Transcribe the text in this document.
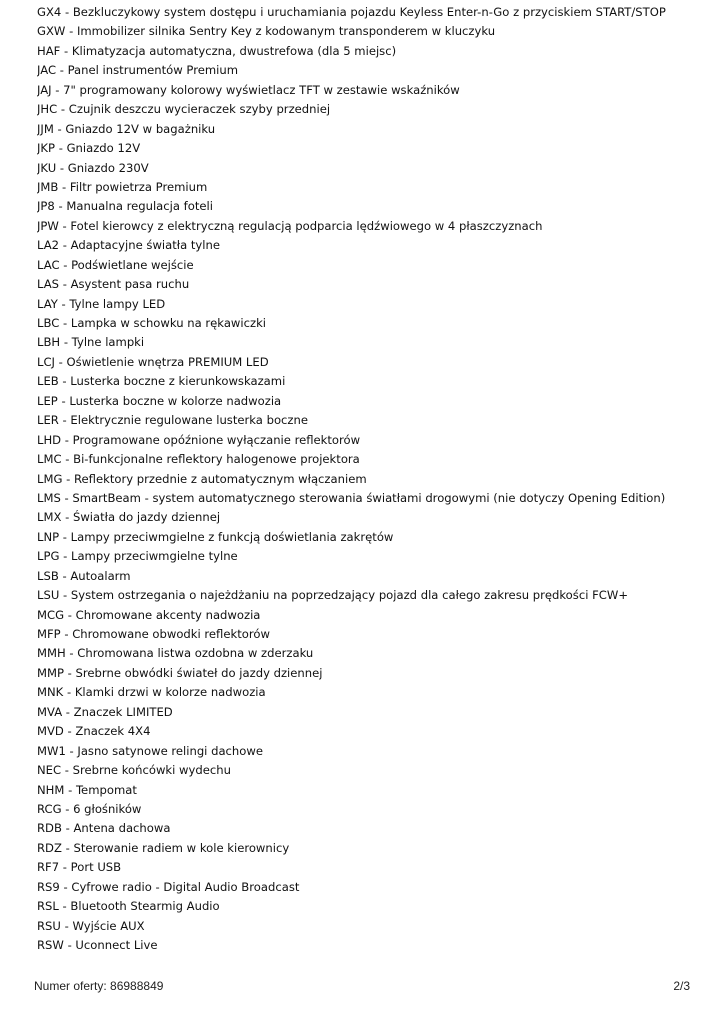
GX4 - Bezkluczykowy system dostępu i uruchamiania pojazdu Keyless Enter-n-Go z przyciskiem START/STOP
GXW - Immobilizer silnika Sentry Key z kodowanym transponderem w kluczyku
HAF - Klimatyzacja automatyczna, dwustrefowa (dla 5 miejsc)
JAC - Panel instrumentów Premium
JAJ - 7" programowany kolorowy wyświetlacz TFT w zestawie wskaźników
JHC - Czujnik deszczu wycieraczek szyby przedniej
JJM - Gniazdo 12V w bagażniku
JKP - Gniazdo 12V
JKU - Gniazdo 230V
JMB - Filtr powietrza Premium
JP8 - Manualna regulacja foteli
JPW - Fotel kierowcy z elektryczną regulacją podparcia lędźwiowego w 4 płaszczyznach
LA2 - Adaptacyjne światła tylne
LAC - Podświetlane wejście
LAS - Asystent pasa ruchu
LAY - Tylne lampy LED
LBC - Lampka w schowku na rękawiczki
LBH - Tylne lampki
LCJ - Oświetlenie wnętrza PREMIUM LED
LEB - Lusterka boczne z kierunkowskazami
LEP - Lusterka boczne w kolorze nadwozia
LER - Elektrycznie regulowane lusterka boczne
LHD - Programowane opóźnione wyłączanie reflektorów
LMC - Bi-funkcjonalne reflektory halogenowe projektora
LMG - Reflektory przednie z automatycznym włączaniem
LMS - SmartBeam - system automatycznego sterowania światłami drogowymi (nie dotyczy Opening Edition)
LMX - Światła do jazdy dziennej
LNP - Lampy przeciwmgielne z funkcją doświetlania zakrętów
LPG - Lampy przeciwmgielne tylne
LSB - Autoalarm
LSU - System ostrzegania o najeżdżaniu na poprzedzający pojazd dla całego zakresu prędkości FCW+
MCG - Chromowane akcenty nadwozia
MFP - Chromowane obwodki reflektorów
MMH - Chromowana listwa ozdobna w zderzaku
MMP - Srebrne obwódki świateł do jazdy dziennej
MNK - Klamki drzwi w kolorze nadwozia
MVA - Znaczek LIMITED
MVD - Znaczek 4X4
MW1 - Jasno satynowe relingi dachowe
NEC - Srebrne końcówki wydechu
NHM - Tempomat
RCG - 6 głośników
RDB - Antena dachowa
RDZ - Sterowanie radiem w kole kierownicy
RF7 - Port USB
RS9 - Cyfrowe radio - Digital Audio Broadcast
RSL - Bluetooth Stearmig Audio
RSU - Wyjście AUX
RSW - Uconnect Live
Numer oferty: 86988849	2/3
